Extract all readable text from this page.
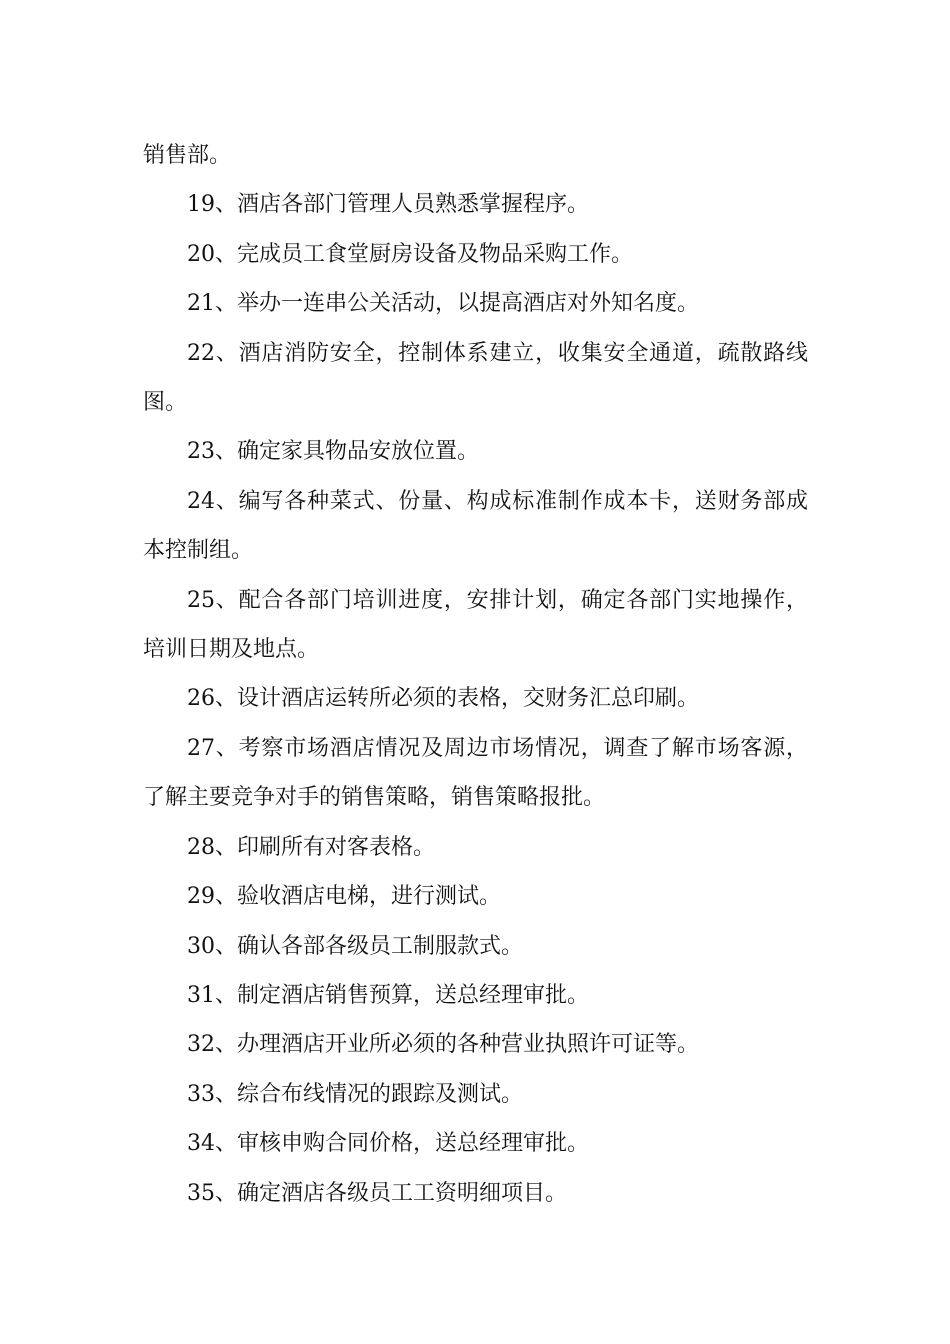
销售部。

19、酒店各部门管理人员熟悉掌握程序。

20、完成员工食堂厨房设备及物品采购工作。

21、举办一连串公关活动，以提高酒店对外知名度。

22、酒店消防安全，控制体系建立，收集安全通道，疏散路线图。

23、确定家具物品安放位置。

24、编写各种菜式、份量、构成标准制作成本卡，送财务部成本控制组。

25、配合各部门培训进度，安排计划，确定各部门实地操作，培训日期及地点。

26、设计酒店运转所必须的表格，交财务汇总印刷。

27、考察市场酒店情况及周边市场情况，调查了解市场客源，了解主要竞争对手的销售策略，销售策略报批。

28、印刷所有对客表格。

29、验收酒店电梯，进行测试。

30、确认各部各级员工制服款式。

31、制定酒店销售预算，送总经理审批。

32、办理酒店开业所必须的各种营业执照许可证等。

33、综合布线情况的跟踪及测试。

34、审核申购合同价格，送总经理审批。

35、确定酒店各级员工工资明细项目。
